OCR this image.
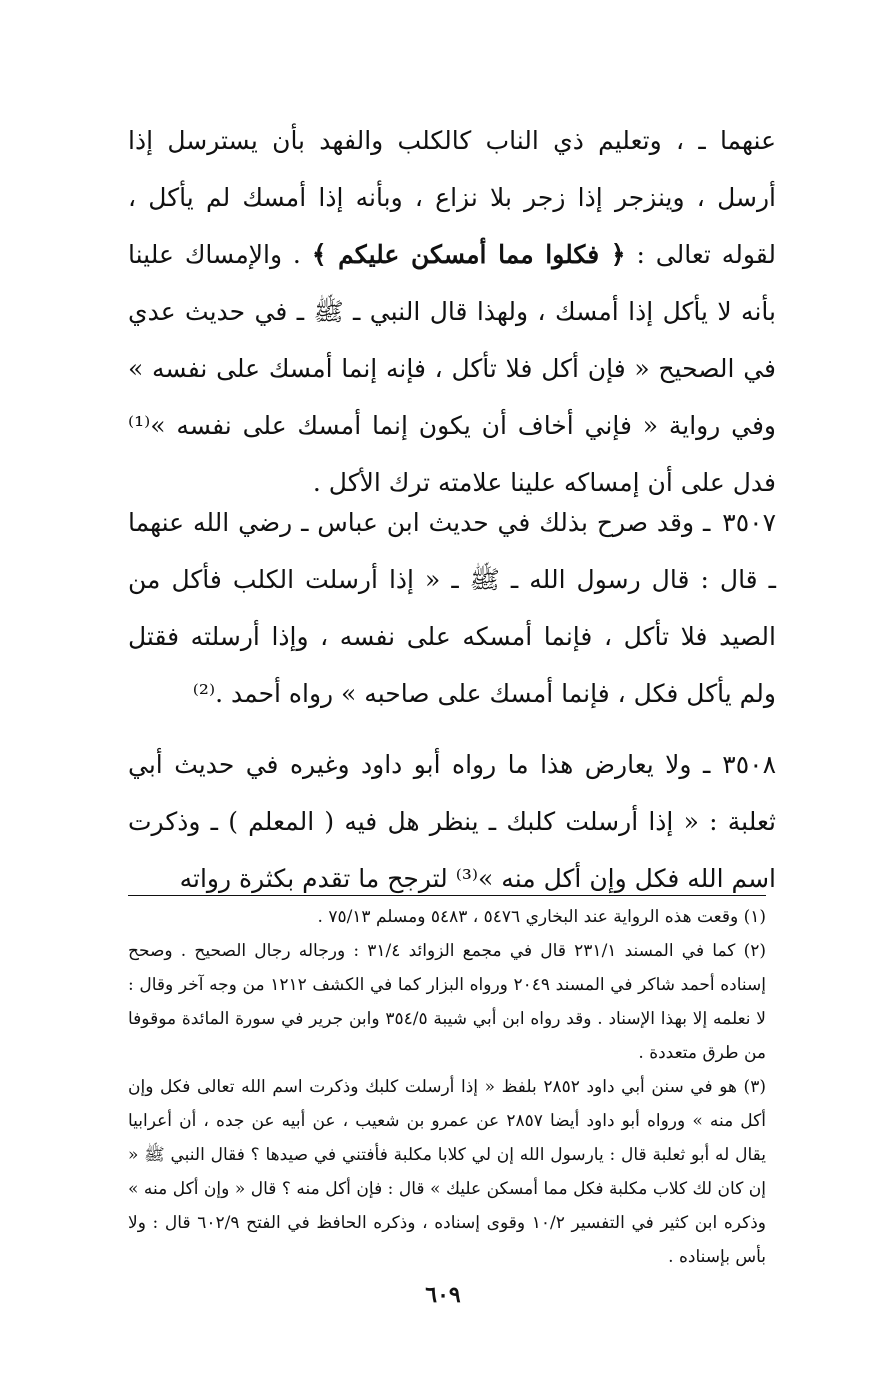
عنهما ـ ، وتعليم ذي الناب كالكلب والفهد بأن يسترسل إذا أرسل ، وينزجر إذا زجر بلا نزاع ، وبأنه إذا أمسك لم يأكل ، لقوله تعالى : ﴿ فكلوا مما أمسكن عليكم ﴾ . والإمساك علينا بأنه لا يأكل إذا أمسك ، ولهذا قال النبي ـ ﷺ ـ في حديث عدي في الصحيح « فإن أكل فلا تأكل ، فإنه إنما أمسك على نفسه » وفي رواية « فإني أخاف أن يكون إنما أمسك على نفسه »⁽¹⁾ فدل على أن إمساكه علينا علامته ترك الأكل .

٣٥٠٧ـ وقد صرح بذلك في حديث ابن عباس ـ رضي الله عنهما ـ قال : قال رسول الله ـ ﷺ ـ « إذا أرسلت الكلب فأكل من الصيد فلا تأكل ، فإنما أمسكه على نفسه ، وإذا أرسلته فقتل ولم يأكل فكل ، فإنما أمسك على صاحبه » رواه أحمد .⁽²⁾

٣٥٠٨ـ ولا يعارض هذا ما رواه أبو داود وغيره في حديث أبي ثعلبة : « إذا أرسلت كلبك ـ ينظر هل فيه ( المعلم ) ـ وذكرت اسم الله فكل وإن أكل منه »⁽³⁾ لترجح ما تقدم بكثرة رواته

(١) وقعت هذه الرواية عند البخاري ٥٤٧٦ ، ٥٤٨٣ ومسلم ٧٥/١٣ .

(٢) كما في المسند ٢٣١/١ قال في مجمع الزوائد ٣١/٤ : ورجاله رجال الصحيح . وصحح إسناده أحمد شاكر في المسند ٢٠٤٩ ورواه البزار كما في الكشف ١٢١٢ من وجه آخر وقال : لا نعلمه إلا بهذا الإسناد . وقد رواه ابن أبي شيبة ٣٥٤/٥ وابن جرير في سورة المائدة موقوفا من طرق متعددة .

(٣) هو في سنن أبي داود ٢٨٥٢ بلفظ « إذا أرسلت كلبك وذكرت اسم الله تعالى فكل وإن أكل منه » ورواه أبو داود أيضا ٢٨٥٧ عن عمرو بن شعيب ، عن أبيه عن جده ، أن أعرابيا يقال له أبو ثعلبة قال : يارسول الله إن لي كلابا مكلبة فأفتني في صيدها ؟ فقال النبي ﷺ « إن كان لك كلاب مكلبة فكل مما أمسكن عليك » قال : فإن أكل منه ؟ قال « وإن أكل منه » وذكره ابن كثير في التفسير ١٠/٢ وقوى إسناده ، وذكره الحافظ في الفتح ٦٠٢/٩ قال : ولا بأس بإسناده .

٦٠٩
